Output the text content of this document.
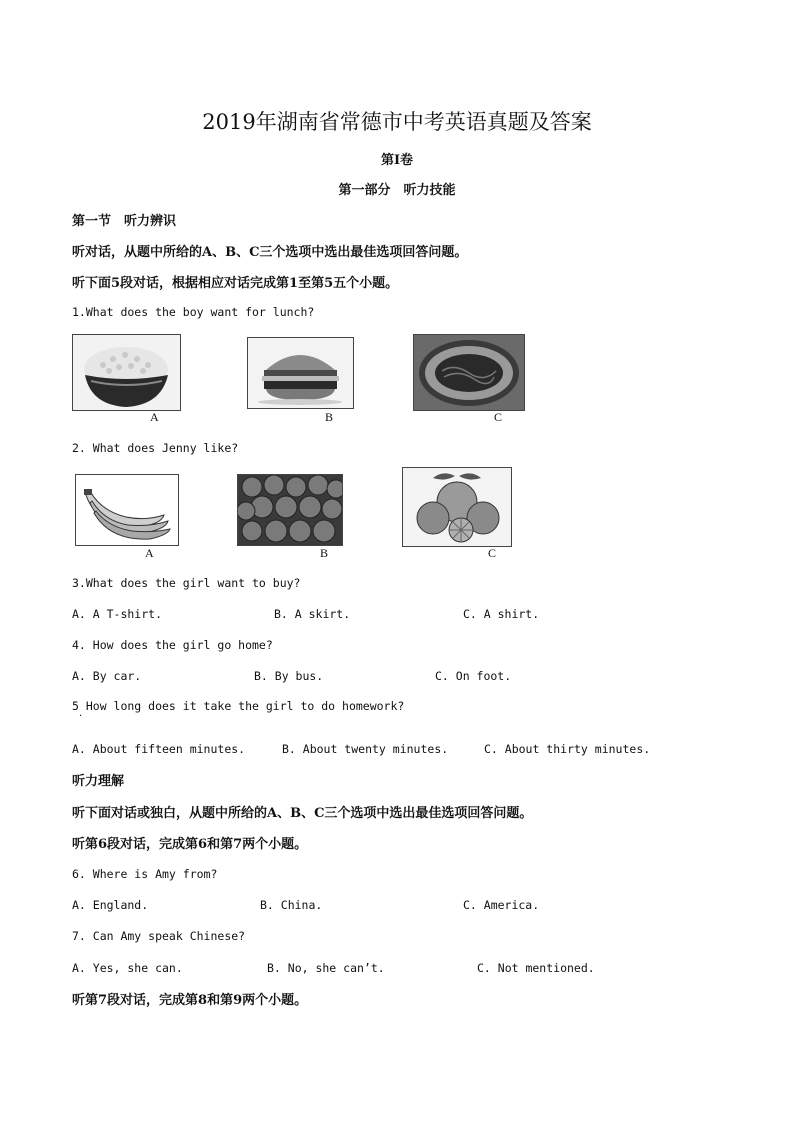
2019年湖南省常德市中考英语真题及答案
第I卷
第一部分　听力技能
第一节　听力辨识
听对话，从题中所给的A、B、C三个选项中选出最佳选项回答问题。
听下面5段对话，根据相应对话完成第1至第5五个小题。
1.What does the boy want for lunch?
A	B	C
2. What does Jenny like?
A	B	C
3.What does the girl want to buy?
A. A T-shirt.	B. A skirt.	C. A shirt.
4. How does the girl go home?
A. By car.	B. By bus.	C. On foot.
5 How long does it take the girl to do homework?
·
A. About fifteen minutes.	B. About twenty minutes.	C. About thirty minutes.
听力理解
听下面对话或独白，从题中所给的A、B、C三个选项中选出最佳选项回答问题。
听第6段对话，完成第6和第7两个小题。
6. Where is Amy from?
A. England.	B. China.	C. America.
7. Can Amy speak Chinese?
A. Yes, she can.	B. No, she can’t.	C. Not mentioned.
听第7段对话，完成第8和第9两个小题。
